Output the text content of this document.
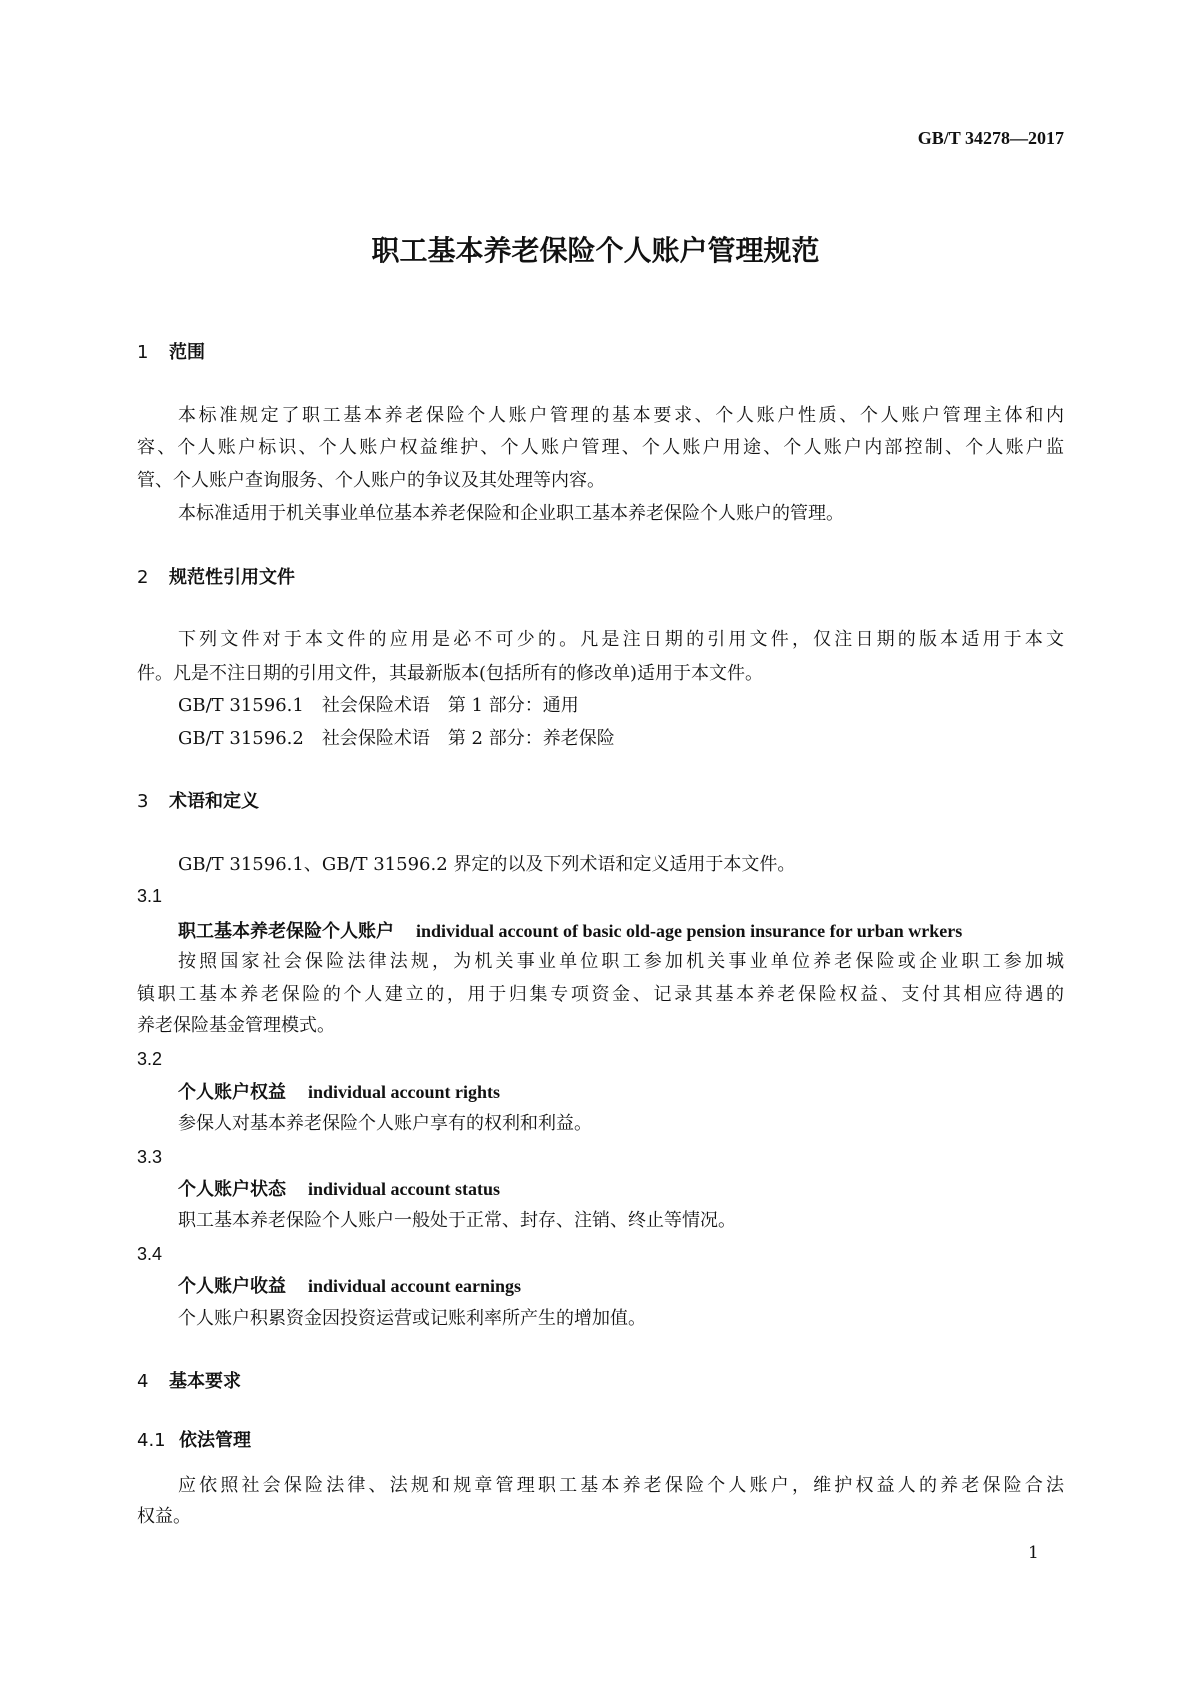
GB/T 34278—2017
职工基本养老保险个人账户管理规范
1 范围
本标准规定了职工基本养老保险个人账户管理的基本要求、个人账户性质、个人账户管理主体和内
容、个人账户标识、个人账户权益维护、个人账户管理、个人账户用途、个人账户内部控制、个人账户监
管、个人账户查询服务、个人账户的争议及其处理等内容。
本标准适用于机关事业单位基本养老保险和企业职工基本养老保险个人账户的管理。
2 规范性引用文件
下列文件对于本文件的应用是必不可少的。凡是注日期的引用文件，仅注日期的版本适用于本文
件。凡是不注日期的引用文件，其最新版本(包括所有的修改单)适用于本文件。
GB/T 31596.1　社会保险术语　第 1 部分：通用
GB/T 31596.2　社会保险术语　第 2 部分：养老保险
3 术语和定义
GB/T 31596.1、GB/T 31596.2 界定的以及下列术语和定义适用于本文件。
3.1
职工基本养老保险个人账户 individual account of basic old-age pension insurance for urban wrkers
按照国家社会保险法律法规，为机关事业单位职工参加机关事业单位养老保险或企业职工参加城
镇职工基本养老保险的个人建立的，用于归集专项资金、记录其基本养老保险权益、支付其相应待遇的
养老保险基金管理模式。
3.2
个人账户权益 individual account rights
参保人对基本养老保险个人账户享有的权利和利益。
3.3
个人账户状态 individual account status
职工基本养老保险个人账户一般处于正常、封存、注销、终止等情况。
3.4
个人账户收益 individual account earnings
个人账户积累资金因投资运营或记账利率所产生的增加值。
4 基本要求
4.1 依法管理
应依照社会保险法律、法规和规章管理职工基本养老保险个人账户，维护权益人的养老保险合法
权益。
1
